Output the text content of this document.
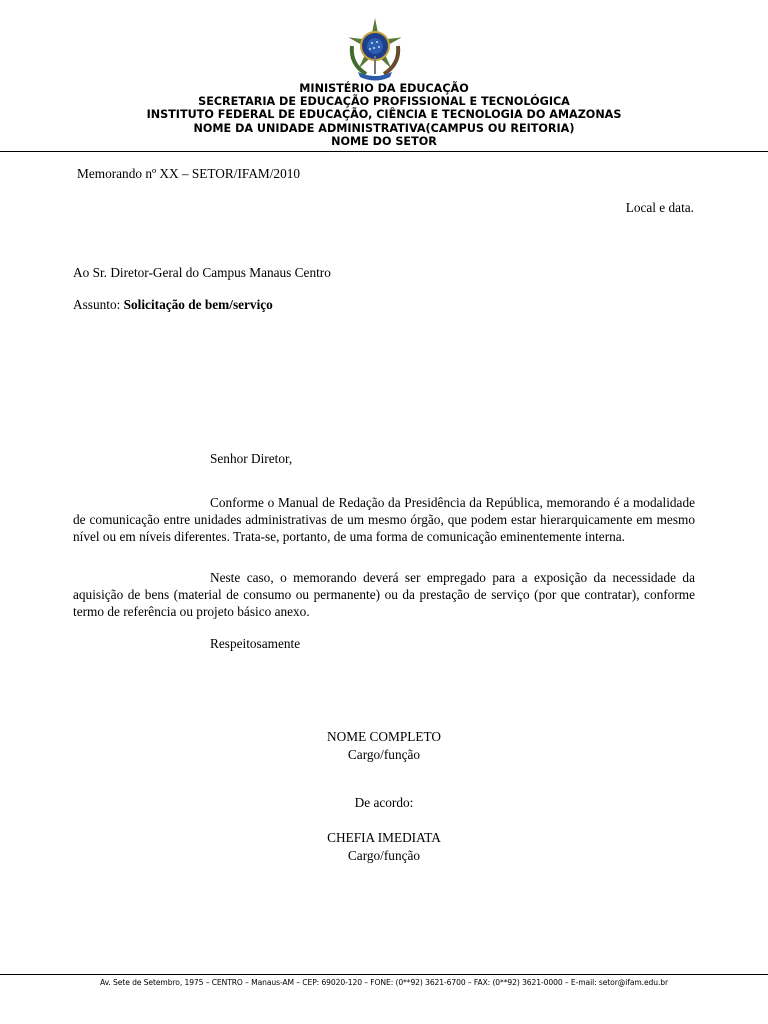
MINISTÉRIO DA EDUCAÇÃO
SECRETARIA DE EDUCAÇÃO PROFISSIONAL E TECNOLÓGICA
INSTITUTO FEDERAL DE EDUCAÇÃO, CIÊNCIA E TECNOLOGIA DO AMAZONAS
NOME DA UNIDADE ADMINISTRATIVA(CAMPUS OU REITORIA)
NOME DO SETOR
Memorando nº XX – SETOR/IFAM/2010
Local e data.
Ao Sr. Diretor-Geral do Campus Manaus Centro
Assunto: Solicitação de bem/serviço
Senhor Diretor,
Conforme o Manual de Redação da Presidência da República, memorando é a modalidade de comunicação entre unidades administrativas de um mesmo órgão, que podem estar hierarquicamente em mesmo nível ou em níveis diferentes. Trata-se, portanto, de uma forma de comunicação eminentemente interna.
Neste caso, o memorando deverá ser empregado para a exposição da necessidade da aquisição de bens (material de consumo ou permanente) ou da prestação de serviço (por que contratar), conforme termo de referência ou projeto básico anexo.
Respeitosamente
NOME COMPLETO
Cargo/função
De acordo:
CHEFIA IMEDIATA
Cargo/função
Av. Sete de Setembro, 1975 – CENTRO – Manaus-AM – CEP: 69020-120 – FONE: (0**92) 3621-6700 – FAX: (0**92) 3621-0000 – E-mail: setor@ifam.edu.br
